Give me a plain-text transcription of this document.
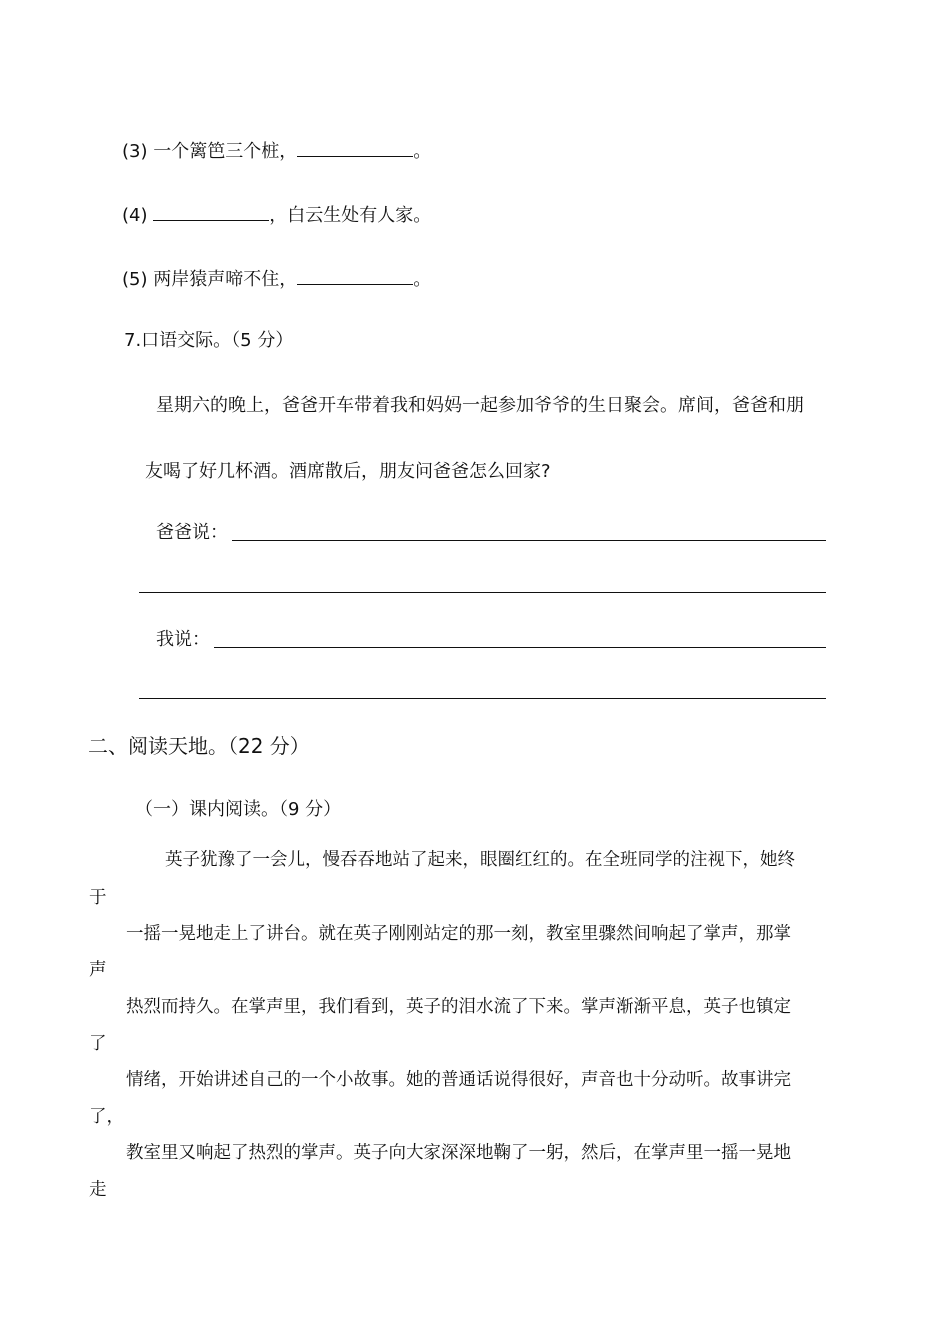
(3) 一个篱笆三个桩，	。
(4)	，白云生处有人家。
(5) 两岸猿声啼不住，	。
7.口语交际。（5 分）
星期六的晚上，爸爸开车带着我和妈妈一起参加爷爷的生日聚会。席间，爸爸和朋
友喝了好几杯酒。酒席散后，朋友问爸爸怎么回家?
爸爸说：
我说：
二、阅读天地。（22 分）
（一）课内阅读。（9 分）
英子犹豫了一会儿，慢吞吞地站了起来，眼圈红红的。在全班同学的注视下，她终
于
一摇一晃地走上了讲台。就在英子刚刚站定的那一刻，教室里骤然间响起了掌声，那掌
声
热烈而持久。在掌声里，我们看到，英子的泪水流了下来。掌声渐渐平息，英子也镇定
了
情绪，开始讲述自己的一个小故事。她的普通话说得很好，声音也十分动听。故事讲完
了，
教室里又响起了热烈的掌声。英子向大家深深地鞠了一躬，然后，在掌声里一摇一晃地
走
